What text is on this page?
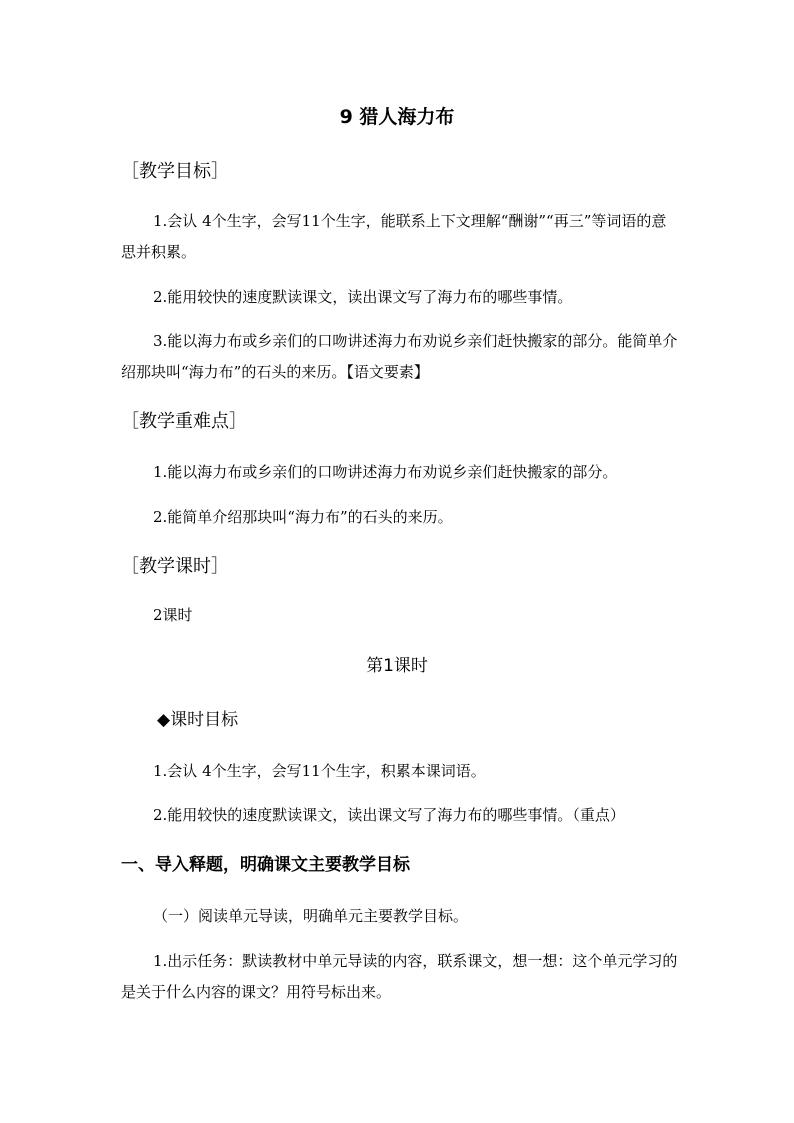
9 猎人海力布
［教学目标］
1.会认 4个生字，会写11个生字，能联系上下文理解“酬谢”“再三”等词语的意思并积累。
2.能用较快的速度默读课文，读出课文写了海力布的哪些事情。
3.能以海力布或乡亲们的口吻讲述海力布劝说乡亲们赶快搬家的部分。能简单介绍那块叫“海力布”的石头的来历。【语文要素】
［教学重难点］
1.能以海力布或乡亲们的口吻讲述海力布劝说乡亲们赶快搬家的部分。
2.能简单介绍那块叫“海力布”的石头的来历。
［教学课时］
2课时
第1课时
◆课时目标
1.会认 4个生字，会写11个生字，积累本课词语。
2.能用较快的速度默读课文，读出课文写了海力布的哪些事情。（重点）
一、导入释题，明确课文主要教学目标
（一）阅读单元导读，明确单元主要教学目标。
1.出示任务：默读教材中单元导读的内容，联系课文，想一想：这个单元学习的是关于什么内容的课文？用符号标出来。
